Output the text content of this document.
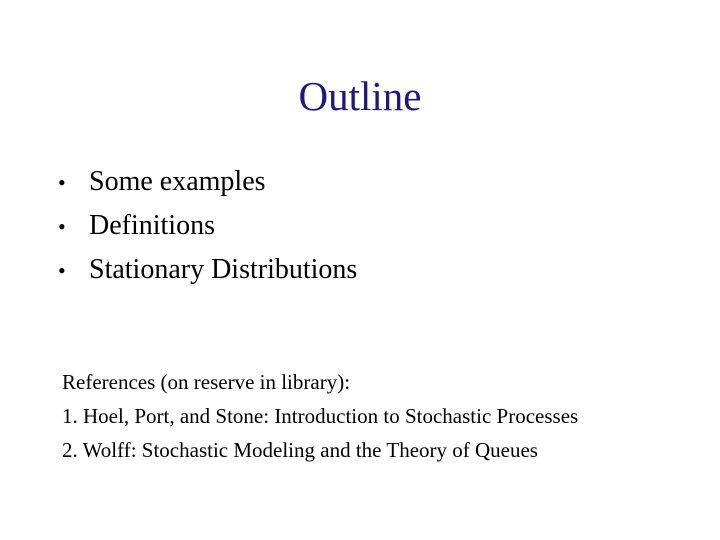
Outline
• Some examples
• Definitions
• Stationary Distributions
References (on reserve in library):
1. Hoel, Port, and Stone: Introduction to Stochastic Processes
2. Wolff: Stochastic Modeling and the Theory of Queues
